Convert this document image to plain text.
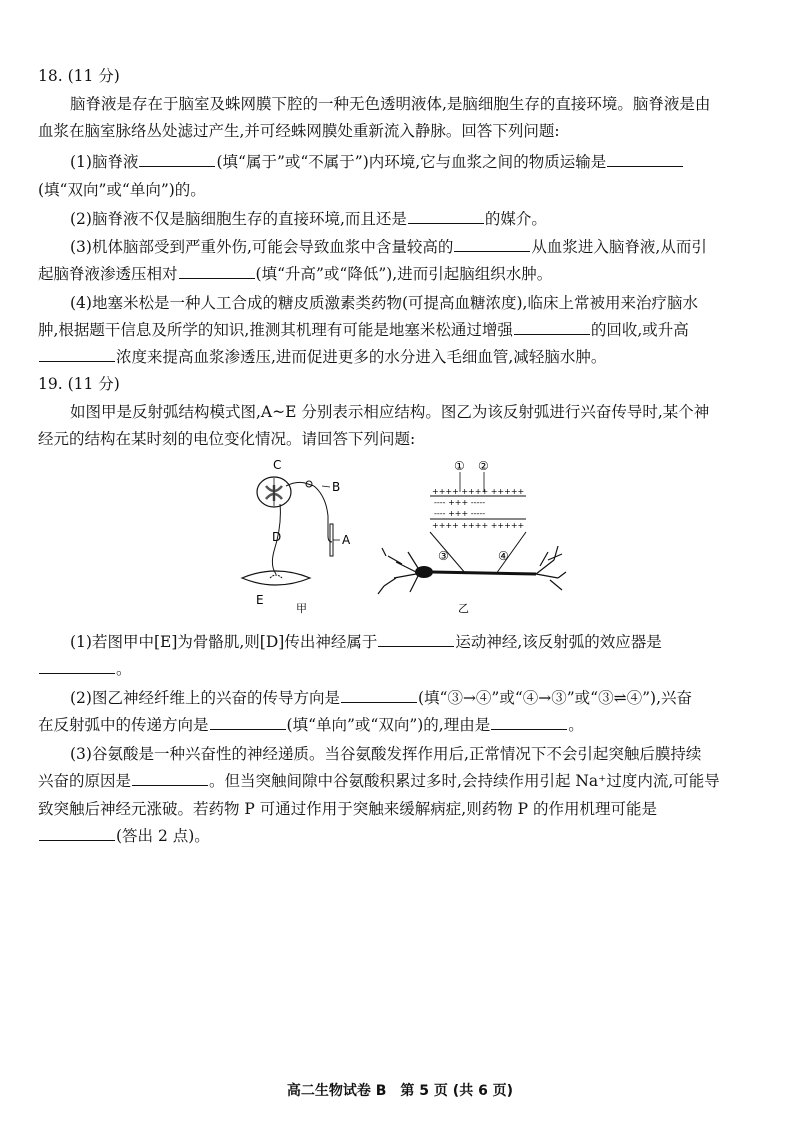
18. (11 分)
脑脊液是存在于脑室及蛛网膜下腔的一种无色透明液体,是脑细胞生存的直接环境。脑脊液是由
血浆在脑室脉络丛处滤过产生,并可经蛛网膜处重新流入静脉。回答下列问题:
(1)脑脊液	(填“属于”或“不属于”)内环境,它与血浆之间的物质运输是
(填“双向”或“单向”)的。
(2)脑脊液不仅是脑细胞生存的直接环境,而且还是	的媒介。
(3)机体脑部受到严重外伤,可能会导致血浆中含量较高的	从血浆进入脑脊液,从而引
起脑脊液渗透压相对	(填“升高”或“降低”),进而引起脑组织水肿。
(4)地塞米松是一种人工合成的糖皮质激素类药物(可提高血糖浓度),临床上常被用来治疗脑水
肿,根据题干信息及所学的知识,推测其机理有可能是地塞米松通过增强	的回收,或升高
浓度来提高血浆渗透压,进而促进更多的水分进入毛细血管,减轻脑水肿。
19. (11 分)
如图甲是反射弧结构模式图,A~E 分别表示相应结构。图乙为该反射弧进行兴奋传导时,某个神
经元的结构在某时刻的电位变化情况。请回答下列问题:
C
B
A
D
E
甲
① ②
++++ ++++ +++++
---- +++ -----
---- +++ -----
++++ ++++ +++++
③	④
乙
(1)若图甲中[E]为骨骼肌,则[D]传出神经属于	运动神经,该反射弧的效应器是
。
(2)图乙神经纤维上的兴奋的传导方向是	(填“③→④”或“④→③”或“③⇌④”),兴奋
在反射弧中的传递方向是	(填“单向”或“双向”)的,理由是	。
(3)谷氨酸是一种兴奋性的神经递质。当谷氨酸发挥作用后,正常情况下不会引起突触后膜持续
兴奋的原因是	。但当突触间隙中谷氨酸积累过多时,会持续作用引起 Na⁺过度内流,可能导
致突触后神经元涨破。若药物 P 可通过作用于突触来缓解病症,则药物 P 的作用机理可能是
(答出 2 点)。
高二生物试卷 B　第 5 页 (共 6 页)
